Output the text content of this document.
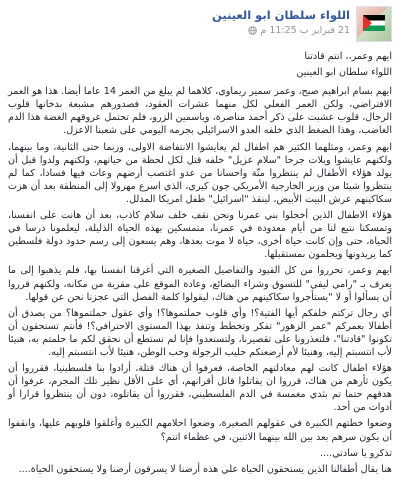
اللواء سلطان ابو العينين
21 فبراير ب 11:25 م

ايهم وعمر،، انتم قادتنا

اللواء سلطان ابو العينين

ايهم بسام ابراهيم صبح، وعمر سمير ريماوي، كلاهما لم يبلغ من العمر 14 عاما أيضا. هذا هو العمر الافتراضي، ولكن العمر الفعلي لكل منهما عشرات العقود، فصدورهم مشبعة بدخانها قلوب الرجال، قلوب عشبت على ذكر أحمد مناصرة، وياسمين الزرو، فلم تحتمل عروقهم الغضة هذا الدم الغاضب، وهذا الضغط الذي خلفه العدو الاسرائيلي بجرمه اليومي على شعبنا الاعزل.

ايهم وعمر، ومثلهما الكثير هم اطفال لم يعايشوا الانتفاضة الاولى، وربما حتى الثانية، وما بينهما، ولكنهم عايشوا ويلات جرحا "سلام عزيل" خلفه قتل لكل لحظة من حياتهم، ولكنهم ولدوا قبل أن يولد هؤلاء الأطفال لم ينتظروا منّة واحسانا من عدو اغتصب أرضهم وعاث فيها فسادا، كما لم ينتظروا شيئا من وزير الخارجية الأمريكي جون كيري، الذي اسرع مهرولا إلى المنطقة بعد أن هزت سكاكينهم عرش البيت الأبيض، لينقذ "اسرائيل" طفل امريكا المدلل.

هؤلاء الاطفال الذين أخجلوا بني عمرنا ونحن نقف خلف سلام كاذب، بعد أن هانت على انفسنا، وتمسكنا نتبع لنا من أيام معدودة في عمرنا، متمسكين بهذه الحياة الذليلة، ليعلمونا درسا في الحياة، حتى وإن كانت حياة أخرى، حياة لا موت بعدها، وهم يسعون إلى رسم حدود دولة فلسطين كما يريدونها ويحلمون بمستقبلها.

ايهم وعمر، تحرروا من كل القيود والتفاصيل الصغيرة التي أغرقنا انفسنا بها، فلم يذهبوا إلى ما يعرف بـ "رامي ليفي" للتسوق وشراء البضائع، وعادة الموقع على مقربة من مكانه، ولكنهم قرروا أن يسألوا أو لا "يستأجروا سكاكينهم من هناك، ليقولوا كلمة الفصل التي عجزنا نحن عن قولها.

أي رجال تركتم خلفكم أيها الفتية؟! وأي قلوب حملتموها؟! وأي عقول حملتموها؟ من يصدق أن أطفالا بعمركم "عمر الزهور" تفكر وتخطط وتنفذ بهذا المستوى الاحترافي؟! فأنتم تستحقون أن تكونوا "قادتنا"، فلتعذرونا على تقصيرنا، ولتستعدوا فإنا لم نستطع أن نحقق لكم ما حلمتم به، هنيئا لأب انتسبتم إليه، وهنيئا لأم أرضعتكم حليب الرجولة وحب الوطن، هنيئا لأب انتسبتم إليه.

هؤلاء اطفال كانت لهم معادلتهم الخاصة، فعرفوا أن هناك قتلة، أرادوا بنا فلسطينيا، فقرروا أن يكون ثأرهم من هناك، قرروا ان يقاتلوا قاتل أقرانهم، أي على الأقل نظير تلك المجرم، عرفوا أن هدفهم حتما تم بثدي مغمسة في الدم الفلسطيني، فقرروا أن يقاتلوه، دون أن ينتظروا قرارا أو أدوات من أحد.

وضعوا خطتهم الكبيرة في عقولهم الصغيرة، وضعوا احلامهم الكبيرة وأغلقوا قلوبهم عليها، وانقفوا أن يكون سرهم بعد بين الله بينهما الاثنين، في عظماء انتم؟

تذكرو يا سادتي....

هنا يقال أطفالنا الذين يستحقون الحياة علي هذه أرضنا لا يسرقون أرضنا ولا يستحقون الحياة....
